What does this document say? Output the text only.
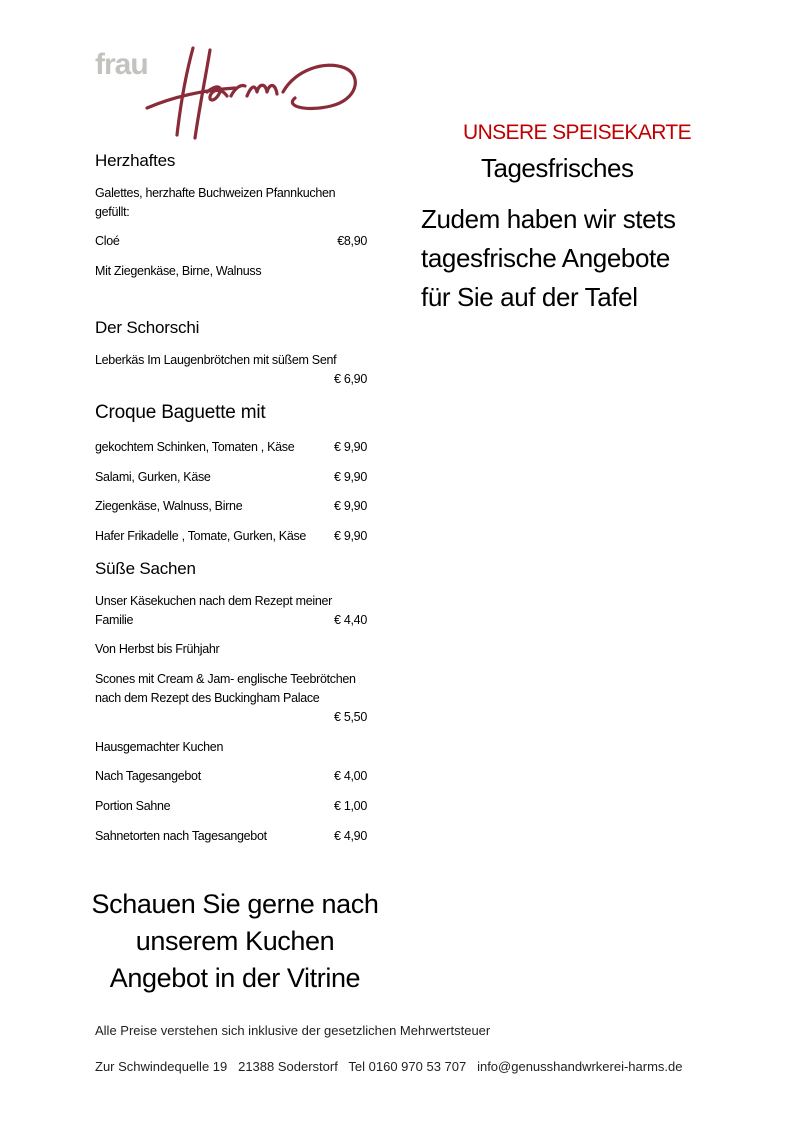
frau
UNSERE SPEISEKARTE
Tagesfrisches
Zudem haben wir stets
tagesfrische Angebote
für Sie auf der Tafel
Herzhaftes
Galettes, herzhafte Buchweizen Pfannkuchen gefüllt:
Cloé	€8,90
Mit Ziegenkäse, Birne, Walnuss
Der Schorschi
Leberkäs Im Laugenbrötchen mit süßem Senf
€ 6,90
Croque Baguette mit
gekochtem Schinken, Tomaten , Käse	€ 9,90
Salami, Gurken, Käse	€ 9,90
Ziegenkäse, Walnuss, Birne	€ 9,90
Hafer Frikadelle , Tomate, Gurken, Käse € 9,90
Süße Sachen
Unser Käsekuchen nach dem Rezept meiner Familie	€ 4,40
Von Herbst bis Frühjahr
Scones mit Cream & Jam- englische Teebrötchen nach dem Rezept des Buckingham Palace
€ 5,50
Hausgemachter Kuchen
Nach Tagesangebot	€ 4,00
Portion Sahne	€ 1,00
Sahnetorten nach Tagesangebot	€ 4,90
Schauen Sie gerne nach
unserem Kuchen
Angebot in der Vitrine
Alle Preise verstehen sich inklusive der gesetzlichen Mehrwertsteuer
Zur Schwindequelle 19   21388 Soderstorf   Tel 0160 970 53 707   info@genusshandwrkerei-harms.de
